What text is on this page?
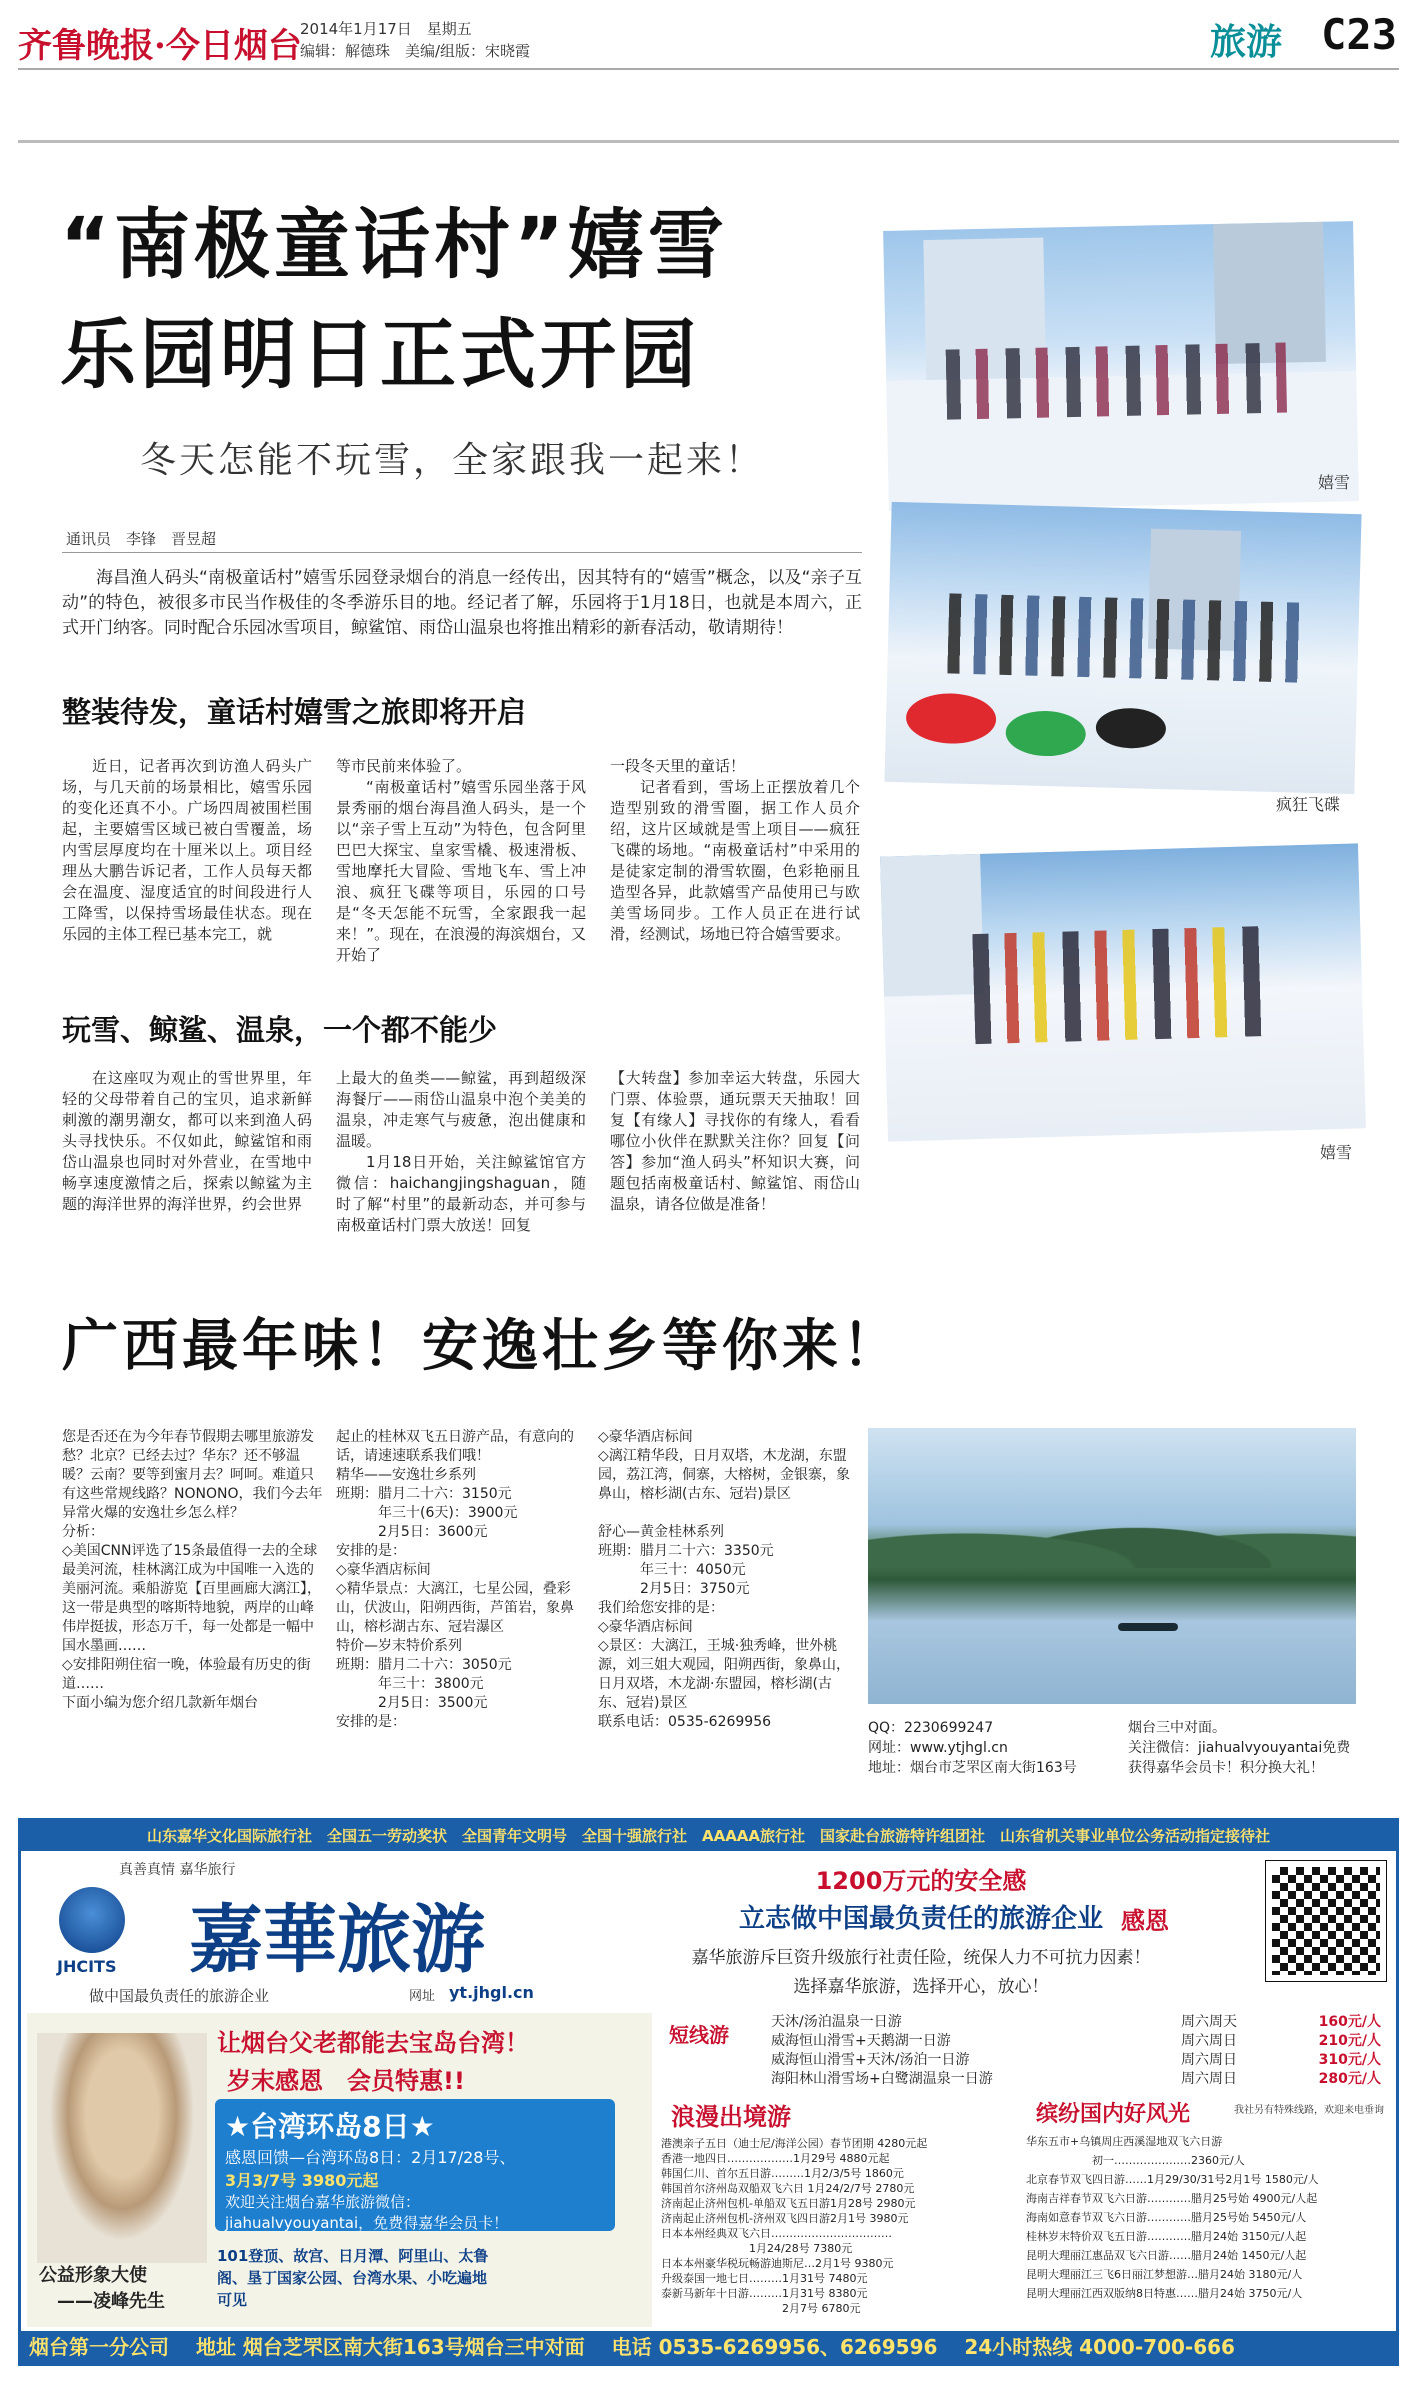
齐鲁晚报·今日烟台
2014年1月17日　星期五
编辑：解德珠　美编/组版：宋晓霞	旅游 C23
“南极童话村”嬉雪
乐园明日正式开园
冬天怎能不玩雪，全家跟我一起来！
通讯员　李锋　晋昱超
海昌渔人码头“南极童话村”嬉雪乐园登录烟台的消息一经传出，因其特有的“嬉雪”概念，以及“亲子互动”的特色，被很多市民当作极佳的冬季游乐目的地。经记者了解，乐园将于1月18日，也就是本周六，正式开门纳客。同时配合乐园冰雪项目，鲸鲨馆、雨岱山温泉也将推出精彩的新春活动，敬请期待！
整装待发，童话村嬉雪之旅即将开启

近日，记者再次到访渔人码头广场，与几天前的场景相比，嬉雪乐园的变化还真不小。广场四周被围栏围起，主要嬉雪区域已被白雪覆盖，场内雪层厚度均在十厘米以上。项目经理丛大鹏告诉记者，工作人员每天都会在温度、湿度适宜的时间段进行人工降雪，以保持雪场最佳状态。现在乐园的主体工程已基本完工，就

等市民前来体验了。

“南极童话村”嬉雪乐园坐落于风景秀丽的烟台海昌渔人码头，是一个以“亲子雪上互动”为特色，包含阿里巴巴大探宝、皇家雪橇、极速滑板、雪地摩托大冒险、雪地飞车、雪上冲浪、疯狂飞碟等项目，乐园的口号是“冬天怎能不玩雪，全家跟我一起来！”。现在，在浪漫的海滨烟台，又开始了

一段冬天里的童话！

记者看到，雪场上正摆放着几个造型别致的滑雪圈，据工作人员介绍，这片区域就是雪上项目——疯狂飞碟的场地。“南极童话村”中采用的是徒家定制的滑雪软圈，色彩艳丽且造型各异，此款嬉雪产品使用已与欧美雪场同步。工作人员正在进行试滑，经测试，场地已符合嬉雪要求。

玩雪、鲸鲨、温泉，一个都不能少

在这座叹为观止的雪世界里，年轻的父母带着自己的宝贝，追求新鲜刺激的潮男潮女，都可以来到渔人码头寻找快乐。不仅如此，鲸鲨馆和雨岱山温泉也同时对外营业，在雪地中畅享速度激情之后，探索以鲸鲨为主题的海洋世界的海洋世界，约会世界

上最大的鱼类——鲸鲨，再到超级深海餐厅——雨岱山温泉中泡个美美的温泉，冲走寒气与疲惫，泡出健康和温暖。

1月18日开始，关注鲸鲨馆官方微信：haichangjingshaguan，随时了解“村里”的最新动态，并可参与南极童话村门票大放送！回复

【大转盘】参加幸运大转盘，乐园大门票、体验票，通玩票天天抽取！回复【有缘人】寻找你的有缘人，看看哪位小伙伴在默默关注你？回复【问答】参加“渔人码头”杯知识大赛，问题包括南极童话村、鲸鲨馆、雨岱山温泉，请各位做是准备！

嬉雪
疯狂飞碟
嬉雪
广西最年味！安逸壮乡等你来！
您是否还在为今年春节假期去哪里旅游发愁？北京？已经去过？华东？还不够温暖？云南？要等到蜜月去？呵呵。难道只有这些常规线路？NONONO，我们今去年异常火爆的安逸壮乡怎么样？
分析：
◇美国CNN评选了15条最值得一去的全球最美河流，桂林漓江成为中国唯一入选的美丽河流。乘船游览【百里画廊大漓江】，这一带是典型的喀斯特地貌，两岸的山峰伟岸挺拔，形态万千，每一处都是一幅中国水墨画……
◇安排阳朔住宿一晚，体验最有历史的街道……
下面小编为您介绍几款新年烟台
起止的桂林双飞五日游产品，有意向的话，请速速联系我们哦！
精华——安逸壮乡系列
班期：腊月二十六：3150元
　　　年三十(6天)：3900元
　　　2月5日：3600元
安排的是：
◇豪华酒店标间
◇精华景点：大漓江，七星公园，叠彩山，伏波山，阳朔西街，芦笛岩，象鼻山，榕杉湖古东、冠岩瀑区
特价—岁末特价系列
班期：腊月二十六：3050元
　　　年三十：3800元
　　　2月5日：3500元
安排的是：
◇豪华酒店标间
◇漓江精华段，日月双塔，木龙湖，东盟园，荔江湾，侗寨，大榕树，金银寨，象鼻山，榕杉湖(古东、冠岩)景区

舒心—黄金桂林系列
班期：腊月二十六：3350元
　　　年三十：4050元
　　　2月5日：3750元
我们给您安排的是：
◇豪华酒店标间
◇景区：大漓江，王城·独秀峰，世外桃源，刘三姐大观园，阳朔西街，象鼻山，日月双塔，木龙湖·东盟园，榕杉湖(古东、冠岩)景区
联系电话：0535-6269956	QQ：2230699247
网址：www.ytjhgl.cn
地址：烟台市芝罘区南大街163号
烟台三中对面。
关注微信：jiahualvyouyantai免费获得嘉华会员卡！积分换大礼！
山东嘉华文化国际旅行社　全国五一劳动奖状　全国青年文明号　全国十强旅行社　AAAAA旅行社　国家赴台旅游特许组团社　山东省机关事业单位公务活动指定接待社
真善真情 嘉华旅行
JHCITS 嘉華旅游
做中国最负责任的旅游企业	网址 yt.jhgl.cn
1200万元的安全感
立志做中国最负责任的旅游企业
嘉华旅游斥巨资升级旅行社责任险，统保人力不可抗力因素！
选择嘉华旅游，选择开心，放心！
感恩
公益形象大使
——凌峰先生
让烟台父老都能去宝岛台湾！
岁末感恩　会员特惠!!
★台湾环岛8日★
感恩回馈—台湾环岛8日：2月17/28号、
3月3/7号 3980元起
欢迎关注烟台嘉华旅游微信：
jiahualvyouyantai，免费得嘉华会员卡！
101登顶、故宫、日月潭、阿里山、太鲁阁、垦丁国家公园、台湾水果、小吃遍地可见
短线游
天沐/汤泊温泉一日游	周六周天	160元/人
威海恒山滑雪+天鹅湖一日游	周六周日	210元/人
威海恒山滑雪+天沐/汤泊一日游	周六周日	310元/人
海阳林山滑雪场+白鹭湖温泉一日游	周六周日	280元/人
浪漫出境游
港澳亲子五日（迪士尼/海洋公园）春节团期 4280元起
香港一地四日………………1月29号 4880元起
韩国仁川、首尔五日游………1月2/3/5号 1860元
韩国首尔济州岛双船双飞六日 1月24/2/7号 2780元
济南起止济州包机-单船双飞五日游1月28号 2980元
济南起止济州包机-济州双飞四日游2月1号 3980元
日本本州经典双飞六日……………………………
　　　　　　　　1月24/28号 7380元
日本本州豪华税玩畅游迪斯尼…2月1号 9380元
升级泰国一地七日………1月31号 7480元
泰新马新年十日游………1月31号 8380元
　　　　　　　　　　　2月7号 6780元
缤纷国内好风光	我社另有特殊线路，欢迎来电垂询
华东五市+乌镇周庄西溪湿地双飞六日游
　　　　　　初一…………………2360元/人
北京春节双飞四日游……1月29/30/31号2月1号 1580元/人
海南吉祥春节双飞六日游…………腊月25号始 4900元/人起
海南如意春节双飞六日游…………腊月25号始 5450元/人
桂林岁末特价双飞五日游…………腊月24始 3150元/人起
昆明大理丽江惠品双飞六日游……腊月24始 1450元/人起
昆明大理丽江三飞6日丽江梦想游…腊月24始 3180元/人
昆明大理丽江西双版纳8日特惠……腊月24始 3750元/人
烟台第一分公司　 地址 烟台芝罘区南大街163号烟台三中对面　 电话 0535-6269956、6269596　 24小时热线 4000-700-666
